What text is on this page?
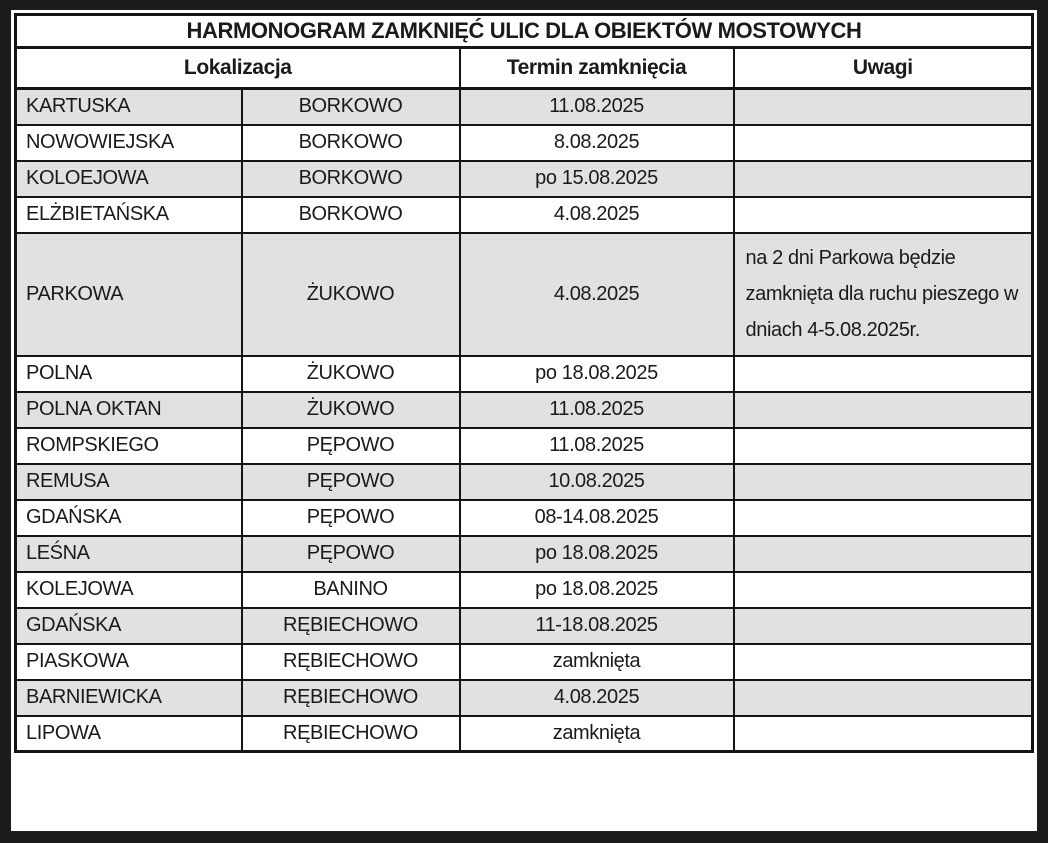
HARMONOGRAM ZAMKNIĘĆ ULIC DLA OBIEKTÓW MOSTOWYCH			
Lokalizacja		Termin zamknięcia	Uwagi
KARTUSKA	BORKOWO	11.08.2025	
NOWOWIEJSKA	BORKOWO	8.08.2025	
KOLOEJOWA	BORKOWO	po 15.08.2025	
ELŻBIETAŃSKA	BORKOWO	4.08.2025	
PARKOWA	ŻUKOWO	4.08.2025	na 2 dni Parkowa będzie zamknięta dla ruchu pieszego w dniach 4-5.08.2025r.
POLNA	ŻUKOWO	po 18.08.2025	
POLNA OKTAN	ŻUKOWO	11.08.2025	
ROMPSKIEGO	PĘPOWO	11.08.2025	
REMUSA	PĘPOWO	10.08.2025	
GDAŃSKA	PĘPOWO	08-14.08.2025	
LEŚNA	PĘPOWO	po 18.08.2025	
KOLEJOWA	BANINO	po 18.08.2025	
GDAŃSKA	RĘBIECHOWO	11-18.08.2025	
PIASKOWA	RĘBIECHOWO	zamknięta	
BARNIEWICKA	RĘBIECHOWO	4.08.2025	
LIPOWA	RĘBIECHOWO	zamknięta	
